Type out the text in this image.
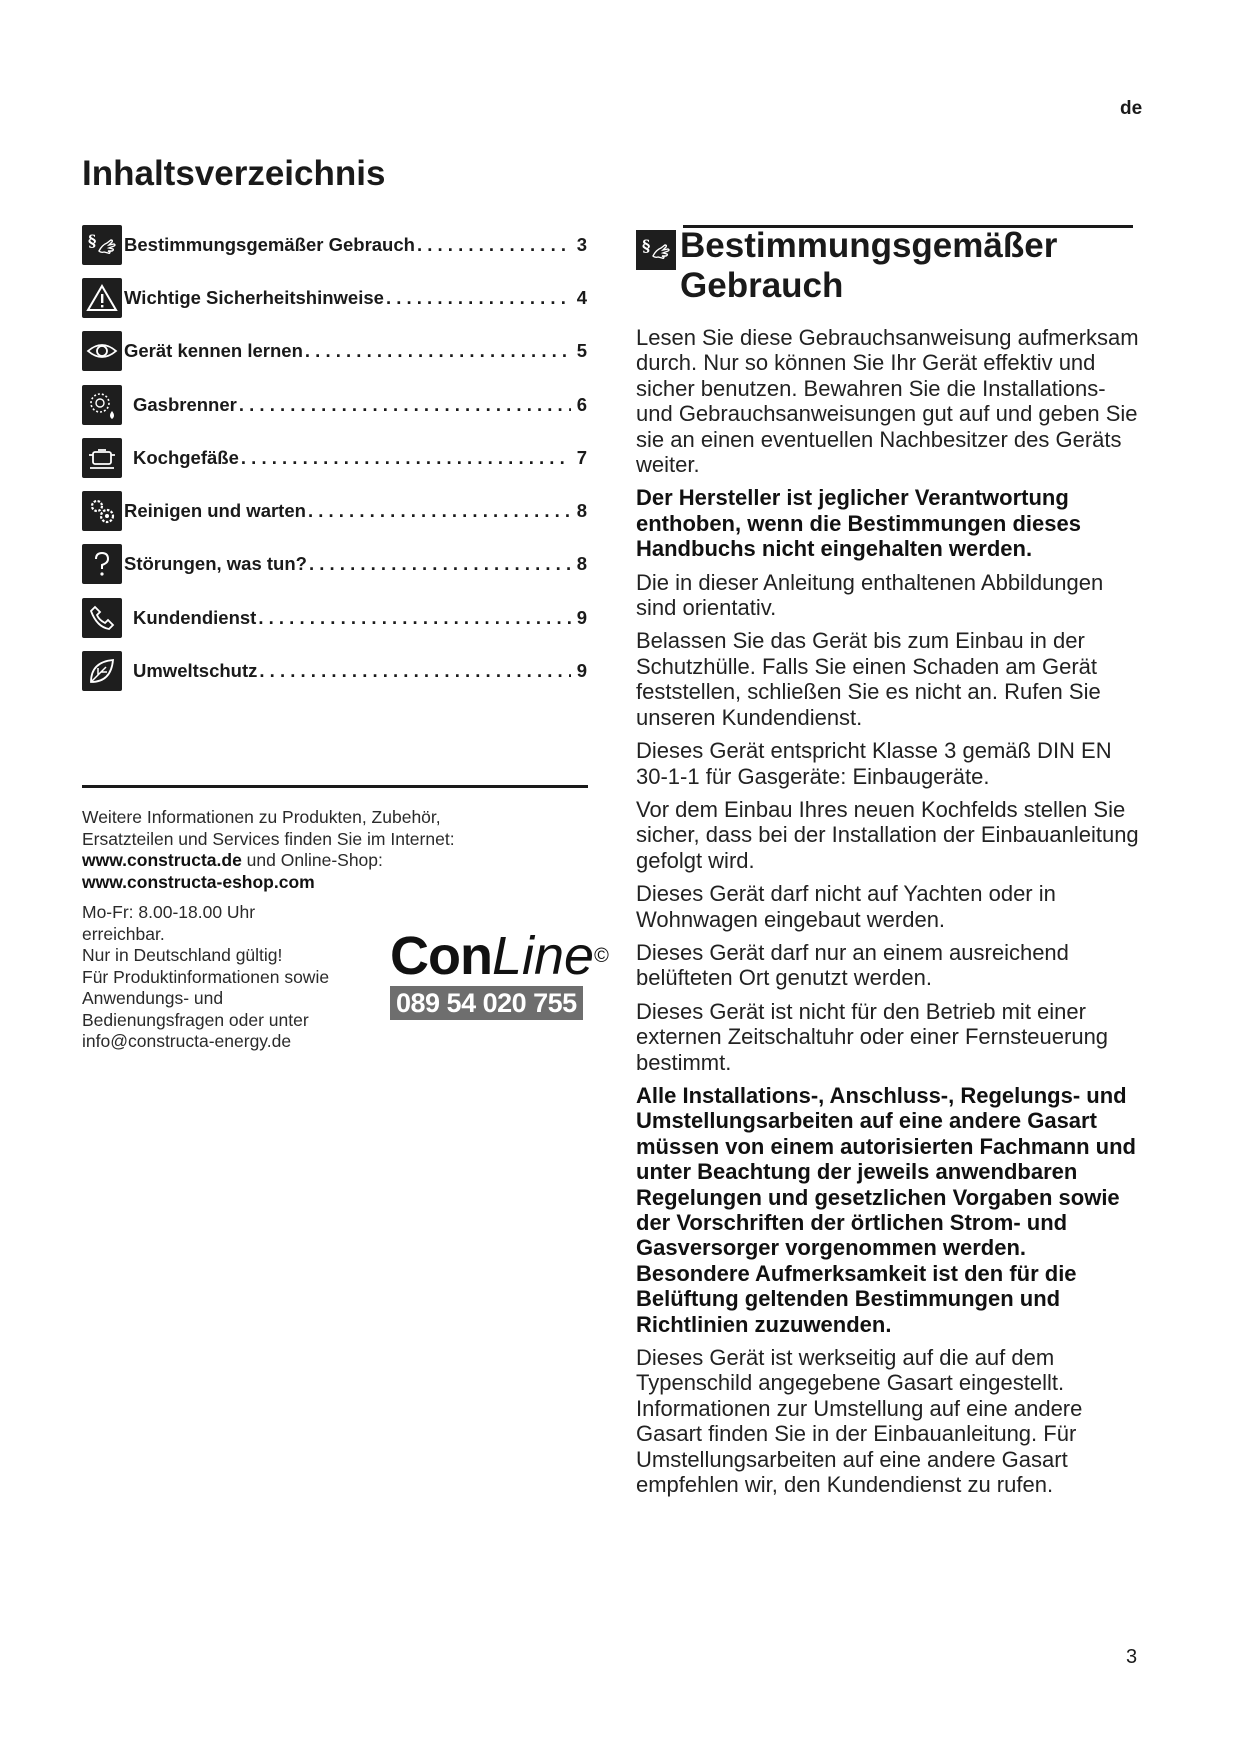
de
Inhaltsverzeichnis
§ Bestimmungsgemäßer Gebrauch . . .	3
Wichtige Sicherheitshinweise . . .	4
Gerät kennen lernen . . .	5
Gasbrenner . . .	6
Kochgefäße . . .	7
Reinigen und warten . . .	8
Störungen, was tun? . . .	8
Kundendienst . . .	9
Umweltschutz . . .	9

Weitere Informationen zu Produkten, Zubehör,

Ersatzteilen und Services finden Sie im Internet:

www.constructa.de und Online-Shop:

www.constructa-eshop.com

Mo-Fr: 8.00-18.00 Uhr

erreichbar.

Nur in Deutschland gültig!

Für Produktinformationen sowie

Anwendungs- und

Bedienungsfragen oder unter

info@constructa-energy.de

ConLine©
089 54 020 755
§ Bestimmungsgemäßer
Gebrauch

Lesen Sie diese Gebrauchsanweisung aufmerksam durch. Nur so können Sie Ihr Gerät effektiv und sicher benutzen. Bewahren Sie die Installations- und Gebrauchsanweisungen gut auf und geben Sie sie an einen eventuellen Nachbesitzer des Geräts weiter.

Der Hersteller ist jeglicher Verantwortung enthoben, wenn die Bestimmungen dieses Handbuchs nicht eingehalten werden.

Die in dieser Anleitung enthaltenen Abbildungen sind orientativ.

Belassen Sie das Gerät bis zum Einbau in der Schutzhülle. Falls Sie einen Schaden am Gerät feststellen, schließen Sie es nicht an. Rufen Sie unseren Kundendienst.

Dieses Gerät entspricht Klasse 3 gemäß DIN EN 30-1-1 für Gasgeräte: Einbaugeräte.

Vor dem Einbau Ihres neuen Kochfelds stellen Sie sicher, dass bei der Installation der Einbauanleitung gefolgt wird.

Dieses Gerät darf nicht auf Yachten oder in Wohnwagen eingebaut werden.

Dieses Gerät darf nur an einem ausreichend belüfteten Ort genutzt werden.

Dieses Gerät ist nicht für den Betrieb mit einer externen Zeitschaltuhr oder einer Fernsteuerung bestimmt.

Alle Installations-, Anschluss-, Regelungs- und Umstellungsarbeiten auf eine andere Gasart müssen von einem autorisierten Fachmann und unter Beachtung der jeweils anwendbaren Regelungen und gesetzlichen Vorgaben sowie der Vorschriften der örtlichen Strom- und Gasversorger vorgenommen werden. Besondere Aufmerksamkeit ist den für die Belüftung geltenden Bestimmungen und Richtlinien zuzuwenden.

Dieses Gerät ist werkseitig auf die auf dem Typenschild angegebene Gasart eingestellt. Informationen zur Umstellung auf eine andere Gasart finden Sie in der Einbauanleitung. Für Umstellungsarbeiten auf eine andere Gasart empfehlen wir, den Kundendienst zu rufen.

3
